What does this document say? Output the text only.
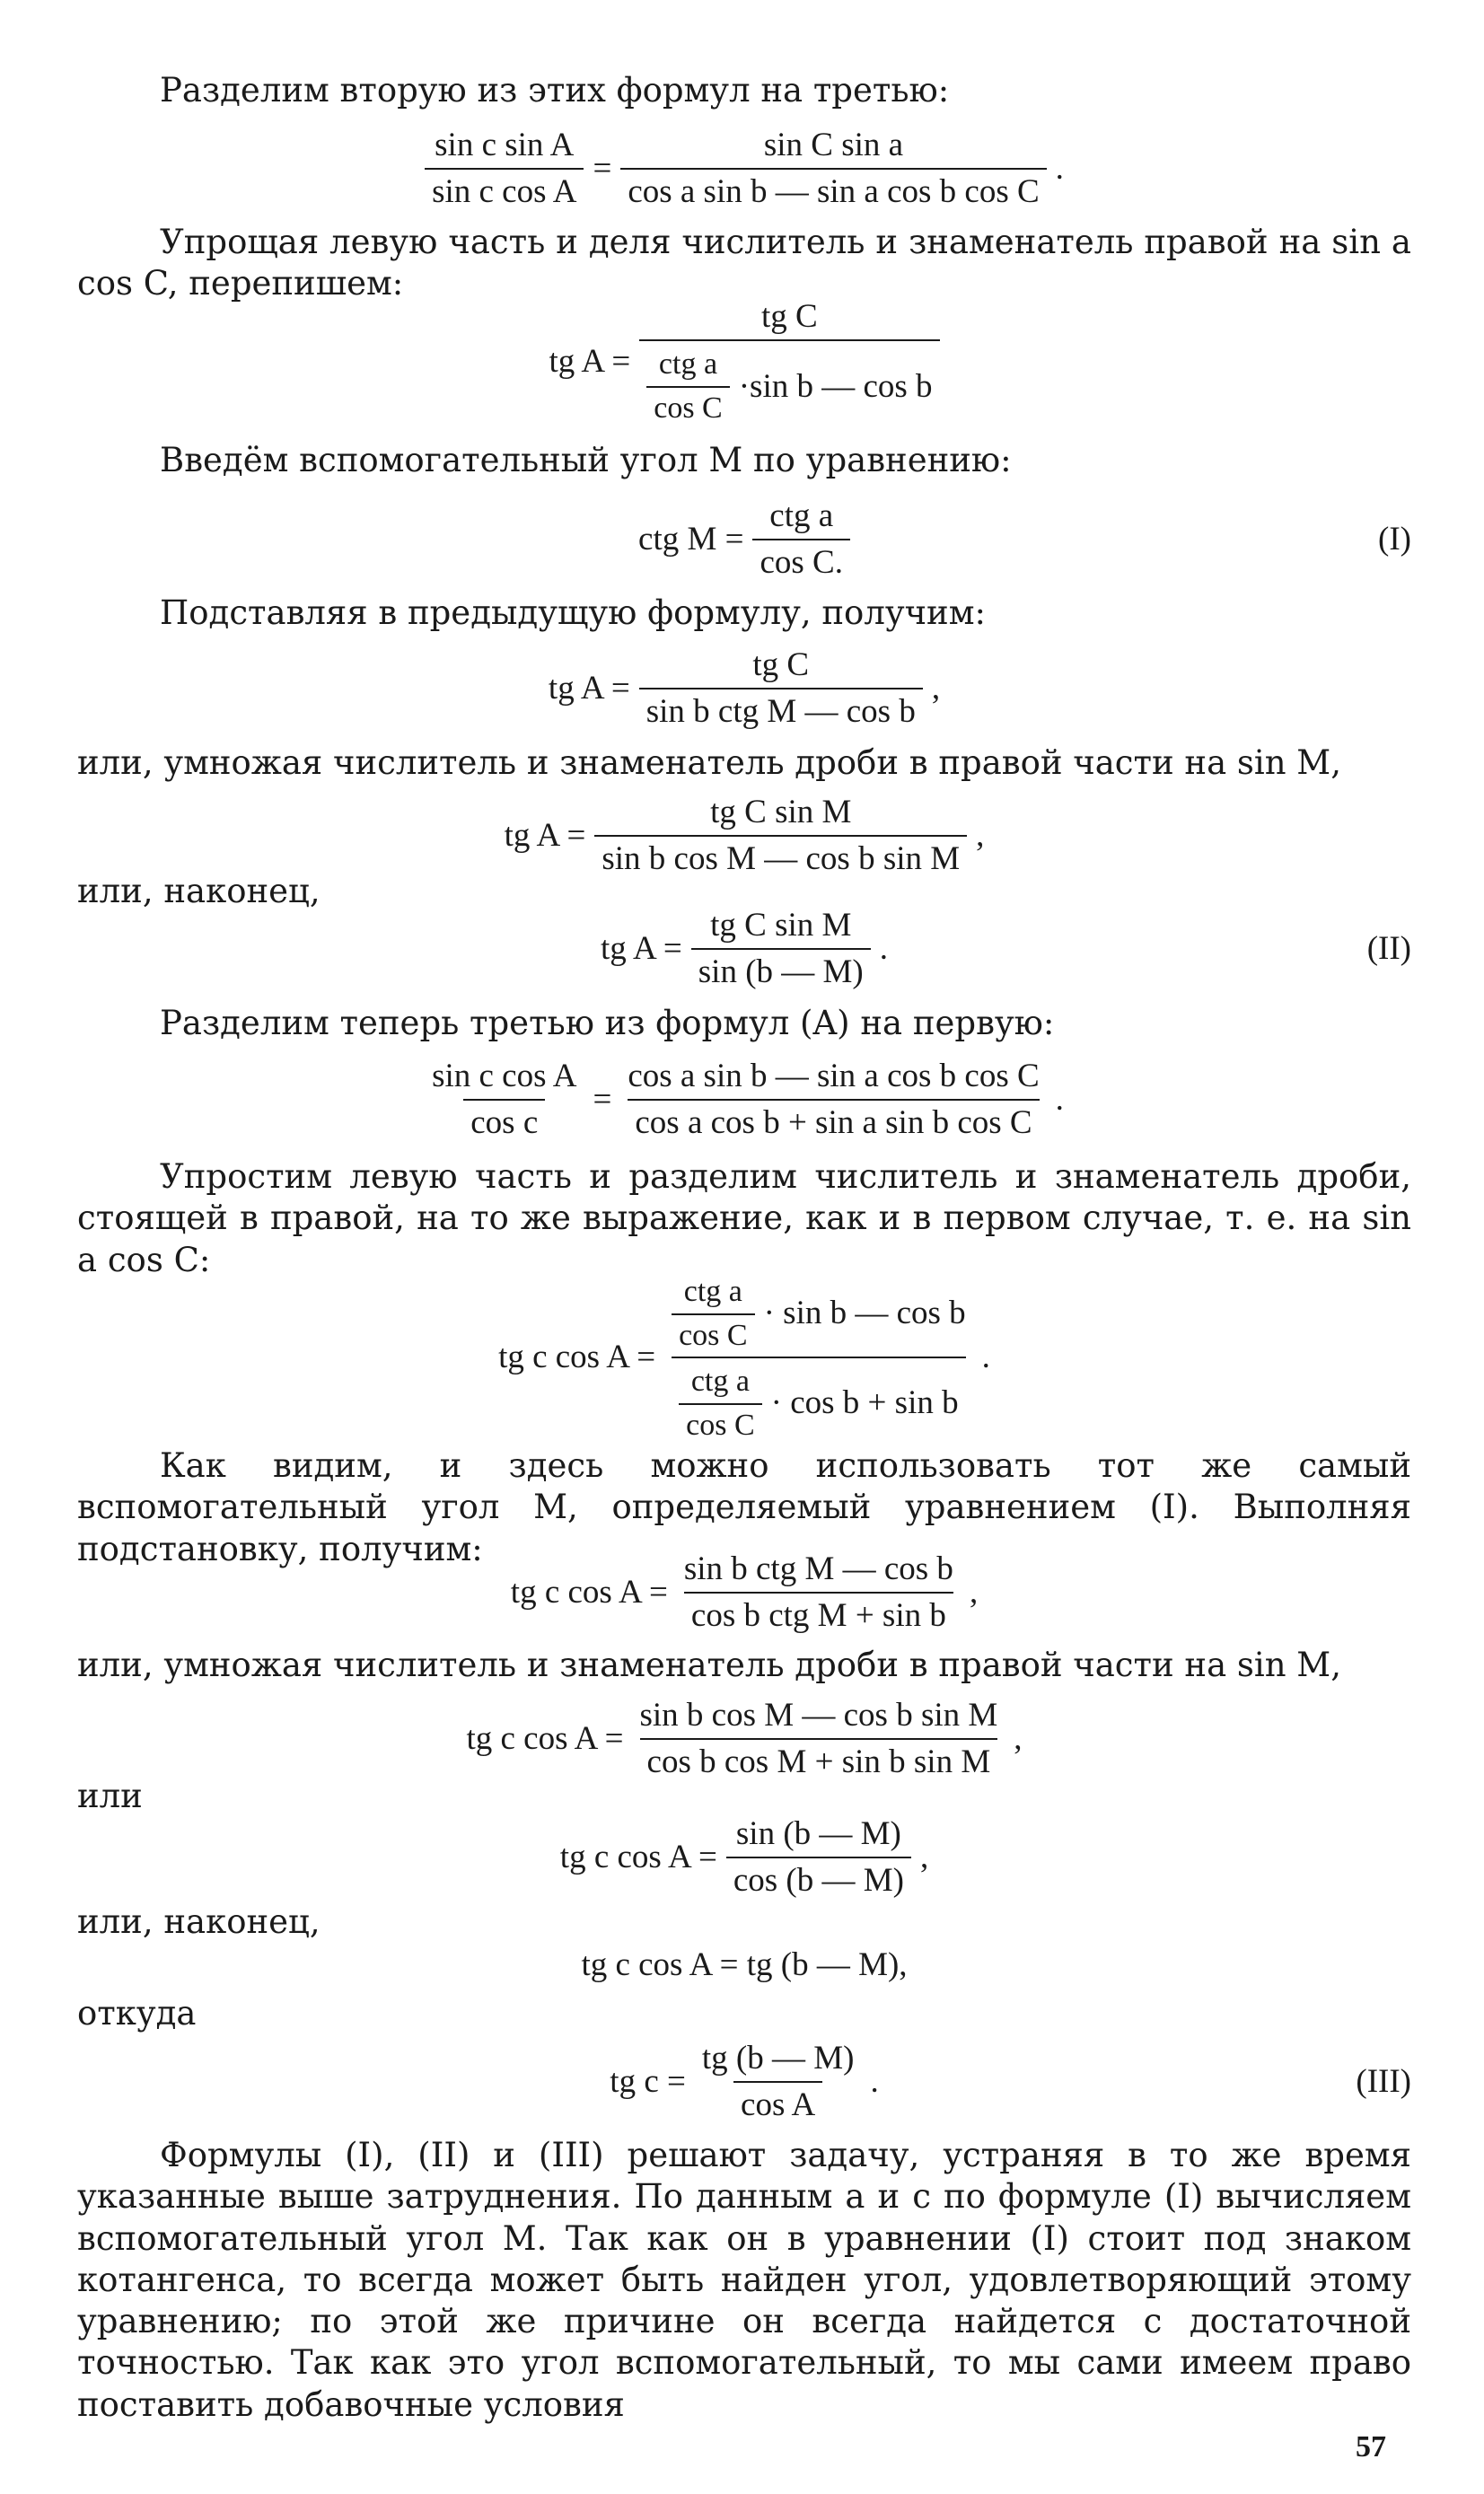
Разделим вторую из этих формул на третью:
$\frac{\text{sin c sin A}}{\text{sin c cos A}} = \frac{\text{sin C sin a}}{\text{cos a sin b — sin a cos b cos C}}$ .
Упрощая левую часть и деля числитель и знаменатель правой на sin a cos C, перепишем:
tg A =
tg C
$\frac{\text{ctg a}}{\text{cos C}} \cdot\sin$ b — cos b
Введём вспомогательный угол M по уравнению:
ctg $M = \frac{\text{ctg a}}{\text{cos C.}}$	(I)
Подставляя в предыдущую формулу, получим:
tg $A = \frac{\text{tg C}}{\text{sin b ctg M — cos b}}$ ,
или, умножая числитель и знаменатель дроби в правой части на sin M,
tg $A = \frac{\text{tg C sin M}}{\text{sin b cos M — cos b sin M}}$ ,
или, наконец,
tg $A = \frac{\text{tg C sin M}}{\sin (b — M)}$ .	(II)
Разделим теперь третью из формул (A) на первую:
$\frac{\text{sin c cos A}}{\text{cos c}} = \frac{\text{cos a sin b — sin a cos b cos C}}{\text{cos a cos b + sin a sin b cos C}}$ .
Упростим левую часть и разделим числитель и знаменатель дроби, стоящей в правой, на то же выражение, как и в первом случае, т. е. на sin a cos C:
tg c cos A =
$\frac{\text{ctg a}}{\text{cos C}} \cdot \sin b$ — cos b
$\frac{\text{ctg a}}{\text{cos C}} \cdot \cos b + \sin b$
.
Как видим, и здесь можно использовать тот же самый вспомогательный угол M, определяемый уравнением (I). Выполняя подстановку, получим:
tg c $\cos A = \frac{\text{sin b ctg M — cos b}}{\text{cos b ctg M + sin b}}$ ,
или, умножая числитель и знаменатель дроби в правой части на sin M,
tg c $\cos A = \frac{\text{sin b cos M — cos b sin M}}{\text{cos b cos M + sin b sin M}}$ ,
или
tg c $\cos A = \frac{\sin (b — M)}{\cos (b — M)}$ ,
или, наконец,
tg c cos A = tg (b — M),
откуда
tg $c = \frac{tg (b — M)}{\text{cos A}}$ .	(III)
Формулы (I), (II) и (III) решают задачу, устраняя в то же время указанные выше затруднения. По данным a и c по формуле (I) вычисляем вспомогательный угол M. Так как он в уравнении (I) стоит под знаком котангенса, то всегда может быть найден угол, удовлетворяющий этому уравнению; по этой же причине он всегда найдется с достаточной точностью. Так как это угол вспомогательный, то мы сами имеем право поставить добавочные условия
57
